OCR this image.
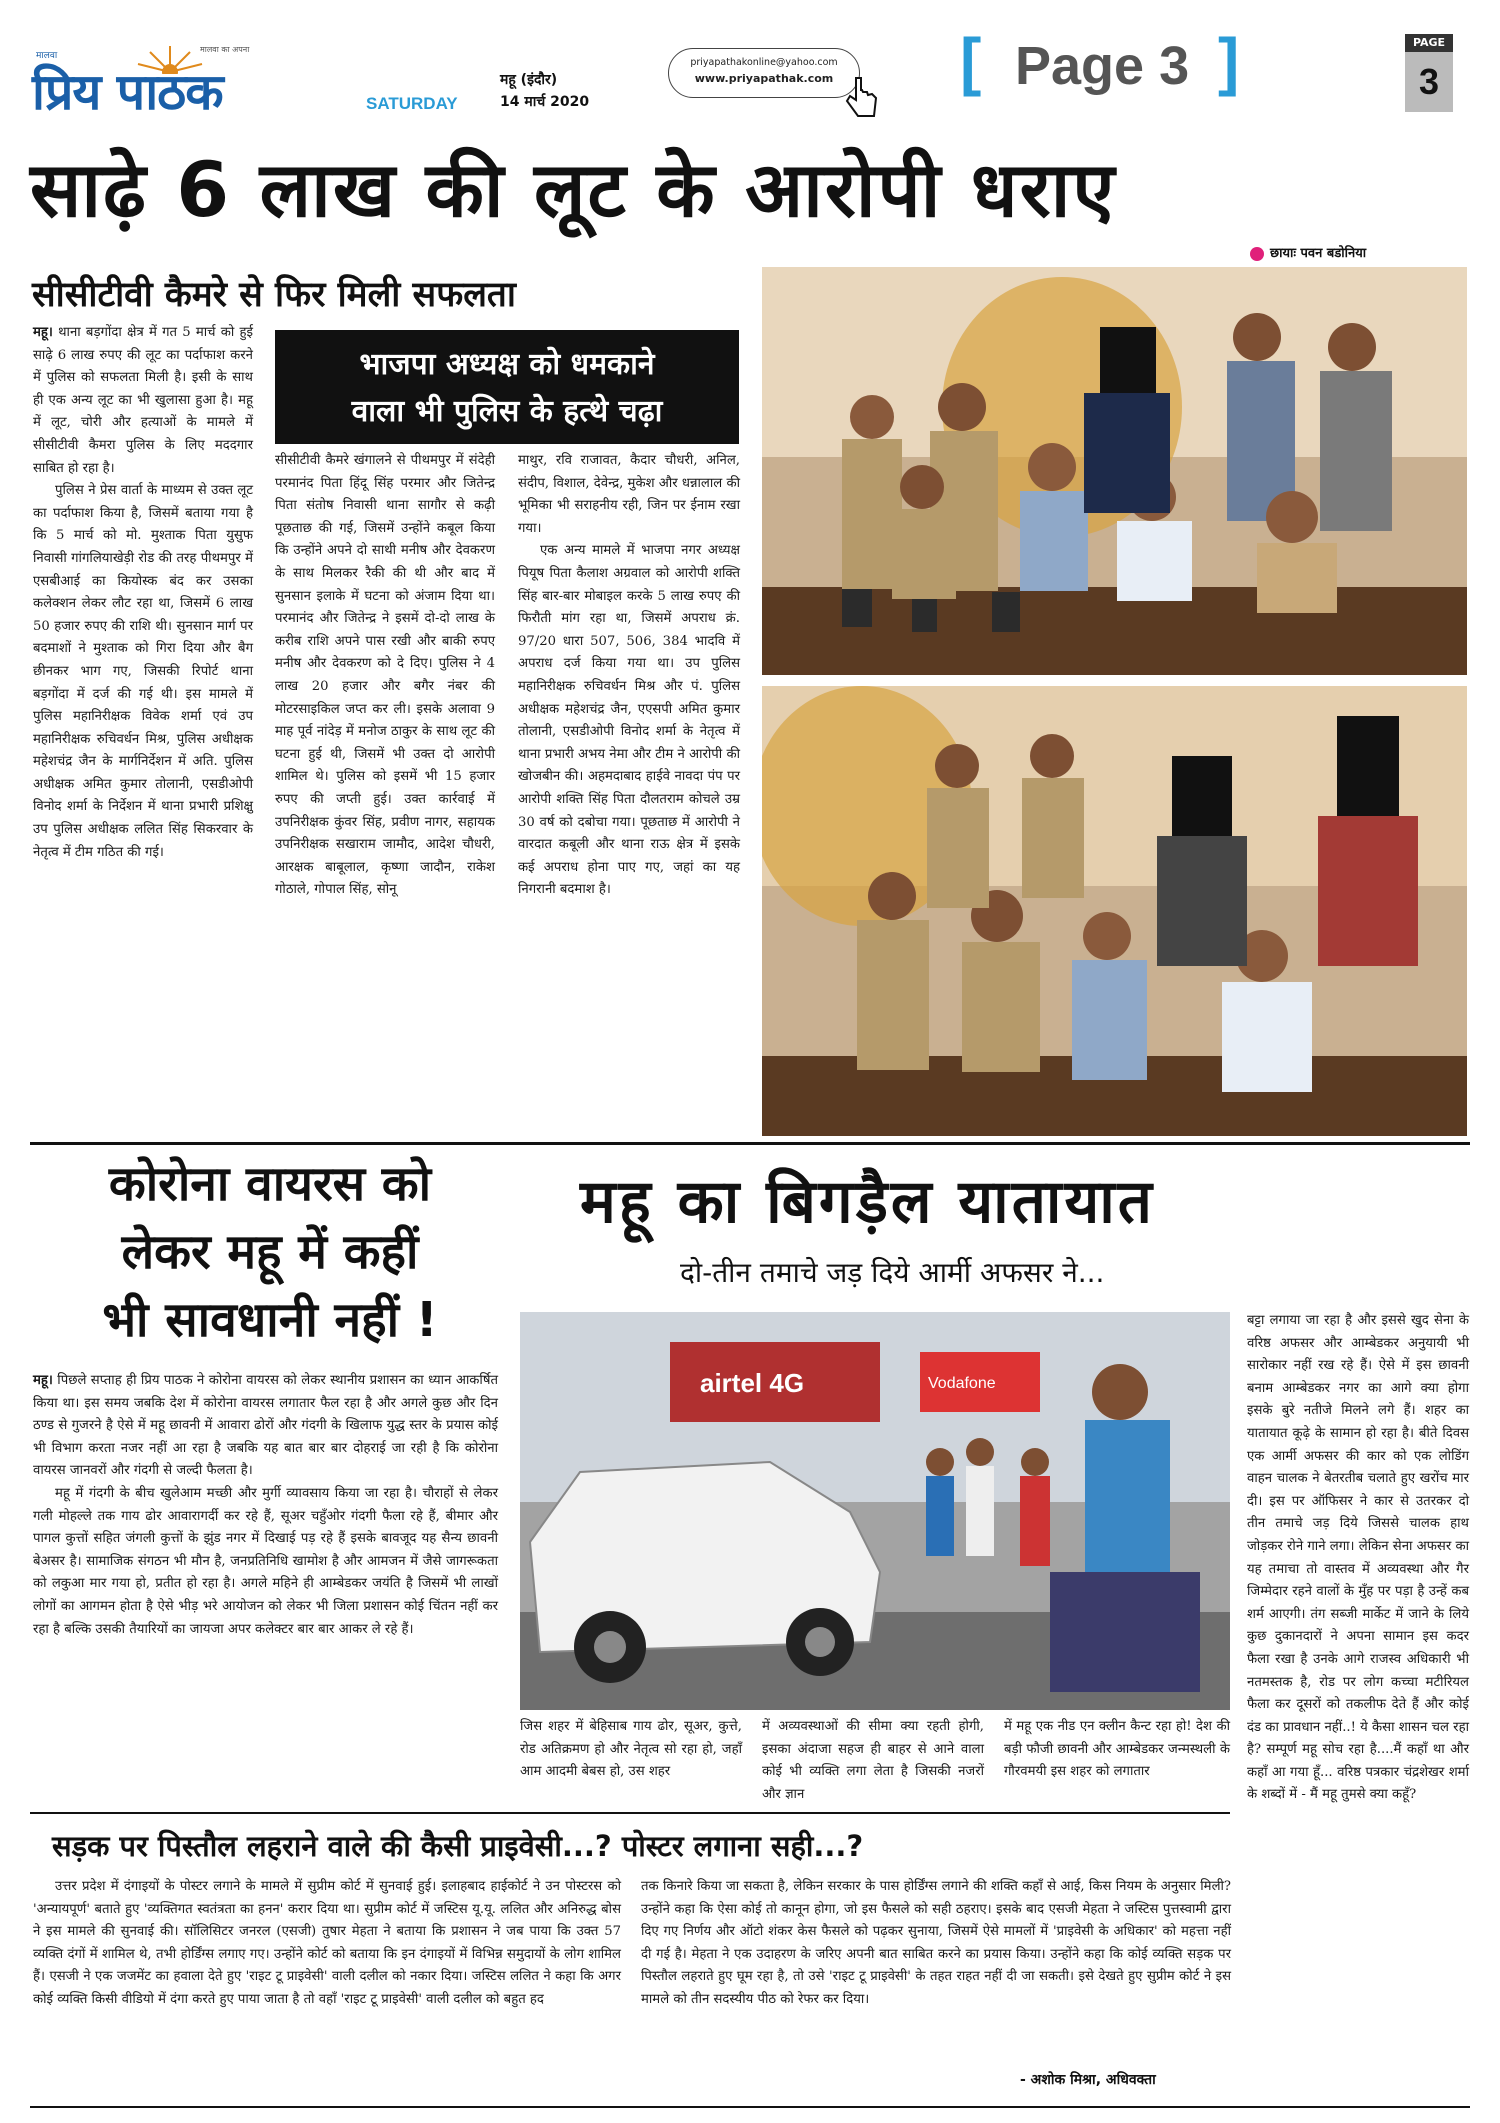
मालवा
प्रिय पाठक
मालवा का अपना
SATURDAY
महू (इंदौर)
14 मार्च 2020
priyapathakonline@yahoo.com
www.priyapathak.com	[ Page 3 ]	PAGE
3
साढ़े 6 लाख की लूट के आरोपी धराए
छायाः पवन बडोनिया
सीसीटीवी कैमरे से फिर मिली सफलता

महू। थाना बड़गोंदा क्षेत्र में गत 5 मार्च को हुई साढ़े 6 लाख रुपए की लूट का पर्दाफाश करने में पुलिस को सफलता मिली है। इसी के साथ ही एक अन्य लूट का भी खुलासा हुआ है। महू में लूट, चोरी और हत्याओं के मामले में सीसीटीवी कैमरा पुलिस के लिए मददगार साबित हो रहा है।

पुलिस ने प्रेस वार्ता के माध्यम से उक्त लूट का पर्दाफाश किया है, जिसमें बताया गया है कि 5 मार्च को मो. मुश्ताक पिता युसुफ निवासी गांगलियाखेड़ी रोड की तरह पीथमपुर में एसबीआई का कियोस्क बंद कर उसका कलेक्शन लेकर लौट रहा था, जिसमें 6 लाख 50 हजार रुपए की राशि थी। सुनसान मार्ग पर बदमाशों ने मुश्ताक को गिरा दिया और बैग छीनकर भाग गए, जिसकी रिपोर्ट थाना बड़गोंदा में दर्ज की गई थी। इस मामले में पुलिस महानिरीक्षक विवेक शर्मा एवं उप महानिरीक्षक रुचिवर्धन मिश्र, पुलिस अधीक्षक महेशचंद्र जैन के मार्गनिर्देशन में अति. पुलिस अधीक्षक अमित कुमार तोलानी, एसडीओपी विनोद शर्मा के निर्देशन में थाना प्रभारी प्रशिक्षु उप पुलिस अधीक्षक ललित सिंह सिकरवार के नेतृत्व में टीम गठित की गई।

भाजपा अध्यक्ष को धमकाने
वाला भी पुलिस के हत्थे चढ़ा

सीसीटीवी कैमरे खंगालने से पीथमपुर में संदेही परमानंद पिता हिंदू सिंह परमार और जितेन्द्र पिता संतोष निवासी थाना सागौर से कढ़ी पूछताछ की गई, जिसमें उन्होंने कबूल किया कि उन्होंने अपने दो साथी मनीष और देवकरण के साथ मिलकर रैकी की थी और बाद में सुनसान इलाके में घटना को अंजाम दिया था। परमानंद और जितेन्द्र ने इसमें दो-दो लाख के करीब राशि अपने पास रखी और बाकी रुपए मनीष और देवकरण को दे दिए। पुलिस ने 4 लाख 20 हजार और बगैर नंबर की मोटरसाइकिल जप्त कर ली। इसके अलावा 9 माह पूर्व नांदेड़ में मनोज ठाकुर के साथ लूट की घटना हुई थी, जिसमें भी उक्त दो आरोपी शामिल थे। पुलिस को इसमें भी 15 हजार रुपए की जप्ती हुई। उक्त कार्रवाई में उपनिरीक्षक कुंवर सिंह, प्रवीण नागर, सहायक उपनिरीक्षक सखाराम जामौद, आदेश चौधरी, आरक्षक बाबूलाल, कृष्णा जादौन, राकेश गोठाले, गोपाल सिंह, सोनू

माथुर, रवि राजावत, कैदार चौधरी, अनिल, संदीप, विशाल, देवेन्द्र, मुकेश और धन्नालाल की भूमिका भी सराहनीय रही, जिन पर ईनाम रखा गया।

एक अन्य मामले में भाजपा नगर अध्यक्ष पियूष पिता कैलाश अग्रवाल को आरोपी शक्ति सिंह बार-बार मोबाइल करके 5 लाख रुपए की फिरौती मांग रहा था, जिसमें अपराध क्रं. 97/20 धारा 507, 506, 384 भादवि में अपराध दर्ज किया गया था। उप पुलिस महानिरीक्षक रुचिवर्धन मिश्र और पं. पुलिस अधीक्षक महेशचंद्र जैन, एएसपी अमित कुमार तोलानी, एसडीओपी विनोद शर्मा के नेतृत्व में थाना प्रभारी अभय नेमा और टीम ने आरोपी की खोजबीन की। अहमदाबाद हाईवे नावदा पंप पर आरोपी शक्ति सिंह पिता दौलतराम कोचले उम्र 30 वर्ष को दबोचा गया। पूछताछ में आरोपी ने वारदात कबूली और थाना राऊ क्षेत्र में इसके कई अपराध होना पाए गए, जहां का यह निगरानी बदमाश है।

कोरोना वायरस को
लेकर महू में कहीं
भी सावधानी नहीं !

महू। पिछले सप्ताह ही प्रिय पाठक ने कोरोना वायरस को लेकर स्थानीय प्रशासन का ध्यान आकर्षित किया था। इस समय जबकि देश में कोरोना वायरस लगातार फैल रहा है और अगले कुछ और दिन ठण्ड से गुजरने है ऐसे में महू छावनी में आवारा ढोरों और गंदगी के खिलाफ युद्ध स्तर के प्रयास कोई भी विभाग करता नजर नहीं आ रहा है जबकि यह बात बार बार दोहराई जा रही है कि कोरोना वायरस जानवरों और गंदगी से जल्दी फैलता है।

महू में गंदगी के बीच खुलेआम मच्छी और मुर्गी व्यावसाय किया जा रहा है। चौराहों से लेकर गली मोहल्ले तक गाय ढोर आवारागर्दी कर रहे हैं, सूअर चहुँओर गंदगी फैला रहे हैं, बीमार और पागल कुत्तों सहित जंगली कुत्तों के झुंड नगर में दिखाई पड़ रहे हैं इसके बावजूद यह सैन्य छावनी बेअसर है। सामाजिक संगठन भी मौन है, जनप्रतिनिधि खामोश है और आमजन में जैसे जागरूकता को लकुआ मार गया हो, प्रतीत हो रहा है। अगले महिने ही आम्बेडकर जयंति है जिसमें भी लाखों लोगों का आगमन होता है ऐसे भीड़ भरे आयोजन को लेकर भी जिला प्रशासन कोई चिंतन नहीं कर रहा है बल्कि उसकी तैयारियों का जायजा अपर कलेक्टर बार बार आकर ले रहे हैं।

महू का बिगड़ैल यातायात
दो-तीन तमाचे जड़ दिये आर्मी अफसर ने...
airtel 4G	Vodafone

जिस शहर में बेहिसाब गाय ढोर, सूअर, कुत्ते, रोड अतिक्रमण हो और नेतृत्व सो रहा हो, जहाँ आम आदमी बेबस हो, उस शहर

में अव्यवस्थाओं की सीमा क्या रहती होगी, इसका अंदाजा सहज ही बाहर से आने वाला कोई भी व्यक्ति लगा लेता है जिसकी नजरों और ज्ञान

में महू एक नीड एन क्लीन कैन्ट रहा हो! देश की बड़ी फौजी छावनी और आम्बेडकर जन्मस्थली के गौरवमयी इस शहर को लगातार

बट्टा लगाया जा रहा है और इससे खुद सेना के वरिष्ठ अफसर और आम्बेडकर अनुयायी भी सारोकार नहीं रख रहे हैं। ऐसे में इस छावनी बनाम आम्बेडकर नगर का आगे क्या होगा इसके बुरे नतीजे मिलने लगे हैं। शहर का यातायात कूढ़े के सामान हो रहा है। बीते दिवस एक आर्मी अफसर की कार को एक लोडिंग वाहन चालक ने बेतरतीब चलाते हुए खरोंच मार दी। इस पर ऑफिसर ने कार से उतरकर दो तीन तमाचे जड़ दिये जिससे चालक हाथ जोड़कर रोने गाने लगा। लेकिन सेना अफसर का यह तमाचा तो वास्तव में अव्यवस्था और गैर जिम्मेदार रहने वालों के मुँह पर पड़ा है उन्हें कब शर्म आएगी। तंग सब्जी मार्केट में जाने के लिये कुछ दुकानदारों ने अपना सामान इस कदर फैला रखा है उनके आगे राजस्व अधिकारी भी नतमस्तक है, रोड पर लोग कच्चा मटीरियल फैला कर दूसरों को तकलीफ देते हैं और कोई दंड का प्रावधान नहीं..! ये कैसा शासन चल रहा है? सम्पूर्ण महू सोच रहा है....मैं कहाँ था और कहाँ आ गया हूँ... वरिष्ठ पत्रकार चंद्रशेखर शर्मा के शब्दों में - मैं महू तुमसे क्या कहूँ?

सड़क पर पिस्तौल लहराने वाले की कैसी प्राइवेसी...? पोस्टर लगाना सही...?

उत्तर प्रदेश में दंगाइयों के पोस्टर लगाने के मामले में सुप्रीम कोर्ट में सुनवाई हुई। इलाहबाद हाईकोर्ट ने उन पोस्टरस को 'अन्यायपूर्ण' बताते हुए 'व्यक्तिगत स्वतंत्रता का हनन' करार दिया था। सुप्रीम कोर्ट में जस्टिस यू.यू. ललित और अनिरुद्ध बोस ने इस मामले की सुनवाई की। सॉलिसिटर जनरल (एसजी) तुषार मेहता ने बताया कि प्रशासन ने जब पाया कि उक्त 57 व्यक्ति दंगों में शामिल थे, तभी होर्डिंग्स लगाए गए। उन्होंने कोर्ट को बताया कि इन दंगाइयों में विभिन्न समुदायों के लोग शामिल हैं। एसजी ने एक जजमेंट का हवाला देते हुए 'राइट टू प्राइवेसी' वाली दलील को नकार दिया। जस्टिस ललित ने कहा कि अगर कोई व्यक्ति किसी वीडियो में दंगा करते हुए पाया जाता है तो वहाँ 'राइट टू प्राइवेसी' वाली दलील को बहुत हद

तक किनारे किया जा सकता है, लेकिन सरकार के पास होर्डिंग्स लगाने की शक्ति कहाँ से आई, किस नियम के अनुसार मिली? उन्होंने कहा कि ऐसा कोई तो कानून होगा, जो इस फैसले को सही ठहराए। इसके बाद एसजी मेहता ने जस्टिस पुत्तस्वामी द्वारा दिए गए निर्णय और ऑटो शंकर केस फैसले को पढ़कर सुनाया, जिसमें ऐसे मामलों में 'प्राइवेसी के अधिकार' को महत्ता नहीं दी गई है। मेहता ने एक उदाहरण के जरिए अपनी बात साबित करने का प्रयास किया। उन्होंने कहा कि कोई व्यक्ति सड़क पर पिस्तौल लहराते हुए घूम रहा है, तो उसे 'राइट टू प्राइवेसी' के तहत राहत नहीं दी जा सकती। इसे देखते हुए सुप्रीम कोर्ट ने इस मामले को तीन सदस्यीय पीठ को रेफर कर दिया।

- अशोक मिश्रा, अधिवक्ता
